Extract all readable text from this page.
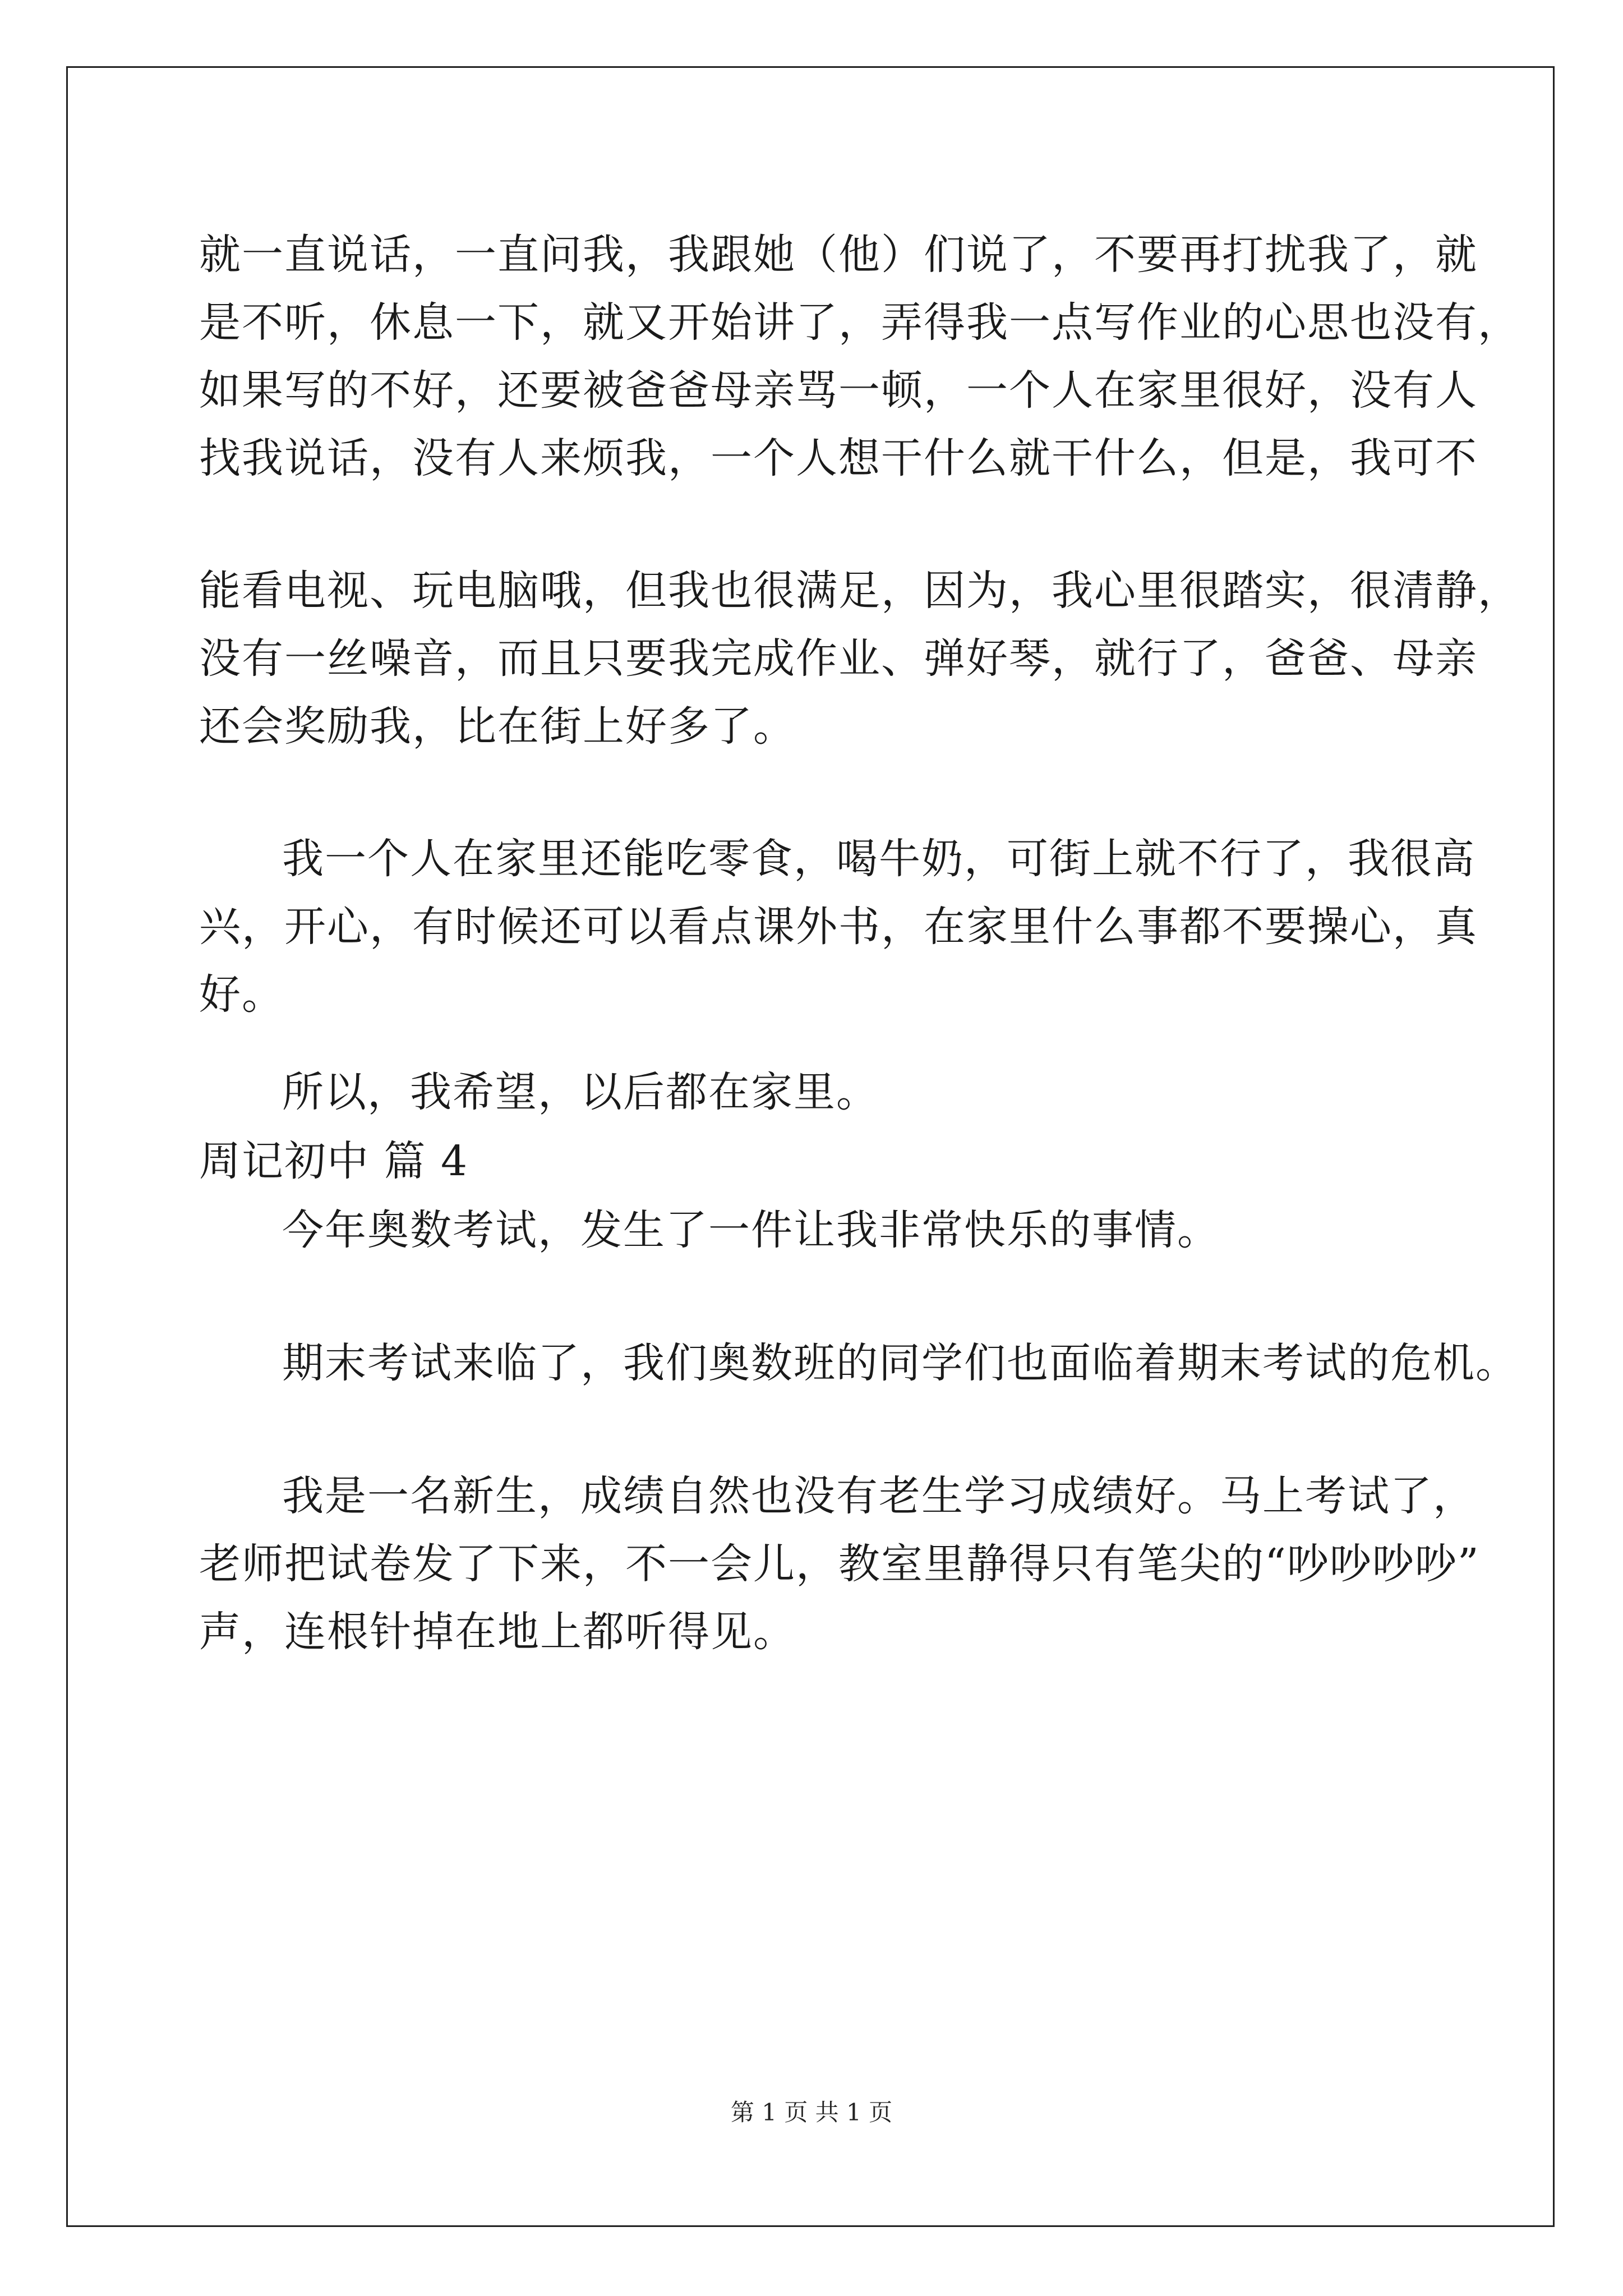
就一直说话，一直问我，我跟她（他）们说了，不要再打扰我了，就
是不听，休息一下，就又开始讲了，弄得我一点写作业的心思也没有，
如果写的不好，还要被爸爸母亲骂一顿，一个人在家里很好，没有人
找我说话，没有人来烦我，一个人想干什么就干什么，但是，我可不
能看电视、玩电脑哦，但我也很满足，因为，我心里很踏实，很清静，
没有一丝噪音，而且只要我完成作业、弹好琴，就行了，爸爸、母亲
还会奖励我，比在街上好多了。
我一个人在家里还能吃零食，喝牛奶，可街上就不行了，我很高
兴，开心，有时候还可以看点课外书，在家里什么事都不要操心，真
好。
所以，我希望，以后都在家里。
周记初中 篇 4
今年奥数考试，发生了一件让我非常快乐的事情。
期末考试来临了，我们奥数班的同学们也面临着期末考试的危机。
我是一名新生，成绩自然也没有老生学习成绩好。马上考试了，
老师把试卷发了下来，不一会儿，教室里静得只有笔尖的“吵吵吵吵”
声，连根针掉在地上都听得见。
第 1 页 共 1 页
